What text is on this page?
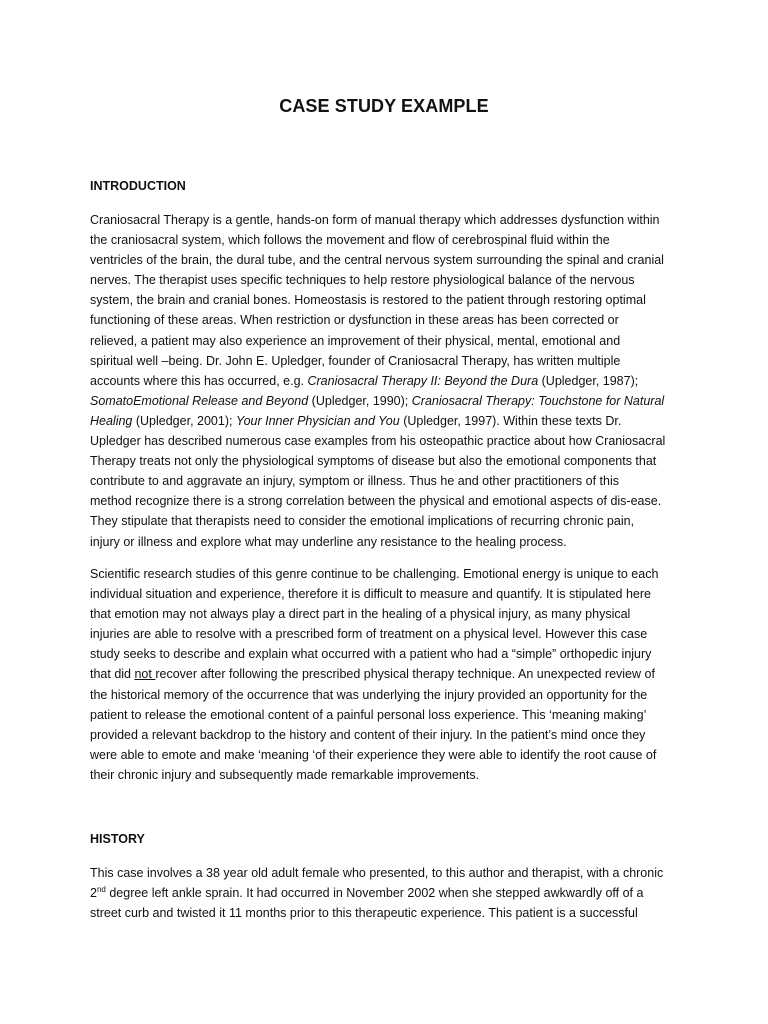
CASE STUDY EXAMPLE
INTRODUCTION

Craniosacral Therapy is a gentle, hands-on form of manual therapy which addresses dysfunction within
the craniosacral system, which follows the movement and flow of cerebrospinal fluid within the
ventricles of the brain, the dural tube, and the central nervous system surrounding the spinal and cranial
nerves. The therapist uses specific techniques to help restore physiological balance of the nervous
system, the brain and cranial bones. Homeostasis is restored to the patient through restoring optimal
functioning of these areas. When restriction or dysfunction in these areas has been corrected or
relieved, a patient may also experience an improvement of their physical, mental, emotional and
spiritual well –being. Dr. John E. Upledger, founder of Craniosacral Therapy, has written multiple
accounts where this has occurred, e.g. Craniosacral Therapy II: Beyond the Dura (Upledger, 1987);
SomatoEmotional Release and Beyond (Upledger, 1990); Craniosacral Therapy: Touchstone for Natural
Healing (Upledger, 2001); Your Inner Physician and You (Upledger, 1997). Within these texts Dr.
Upledger has described numerous case examples from his osteopathic practice about how Craniosacral
Therapy treats not only the physiological symptoms of disease but also the emotional components that
contribute to and aggravate an injury, symptom or illness. Thus he and other practitioners of this
method recognize there is a strong correlation between the physical and emotional aspects of dis-ease.
They stipulate that therapists need to consider the emotional implications of recurring chronic pain,
injury or illness and explore what may underline any resistance to the healing process.

Scientific research studies of this genre continue to be challenging. Emotional energy is unique to each
individual situation and experience, therefore it is difficult to measure and quantify. It is stipulated here
that emotion may not always play a direct part in the healing of a physical injury, as many physical
injuries are able to resolve with a prescribed form of treatment on a physical level. However this case
study seeks to describe and explain what occurred with a patient who had a “simple” orthopedic injury
that did not recover after following the prescribed physical therapy technique. An unexpected review of
the historical memory of the occurrence that was underlying the injury provided an opportunity for the
patient to release the emotional content of a painful personal loss experience. This ‘meaning making’
provided a relevant backdrop to the history and content of their injury. In the patient’s mind once they
were able to emote and make ‘meaning ‘of their experience they were able to identify the root cause of
their chronic injury and subsequently made remarkable improvements.

HISTORY

This case involves a 38 year old adult female who presented, to this author and therapist, with a chronic
2nd degree left ankle sprain. It had occurred in November 2002 when she stepped awkwardly off of a
street curb and twisted it 11 months prior to this therapeutic experience. This patient is a successful
